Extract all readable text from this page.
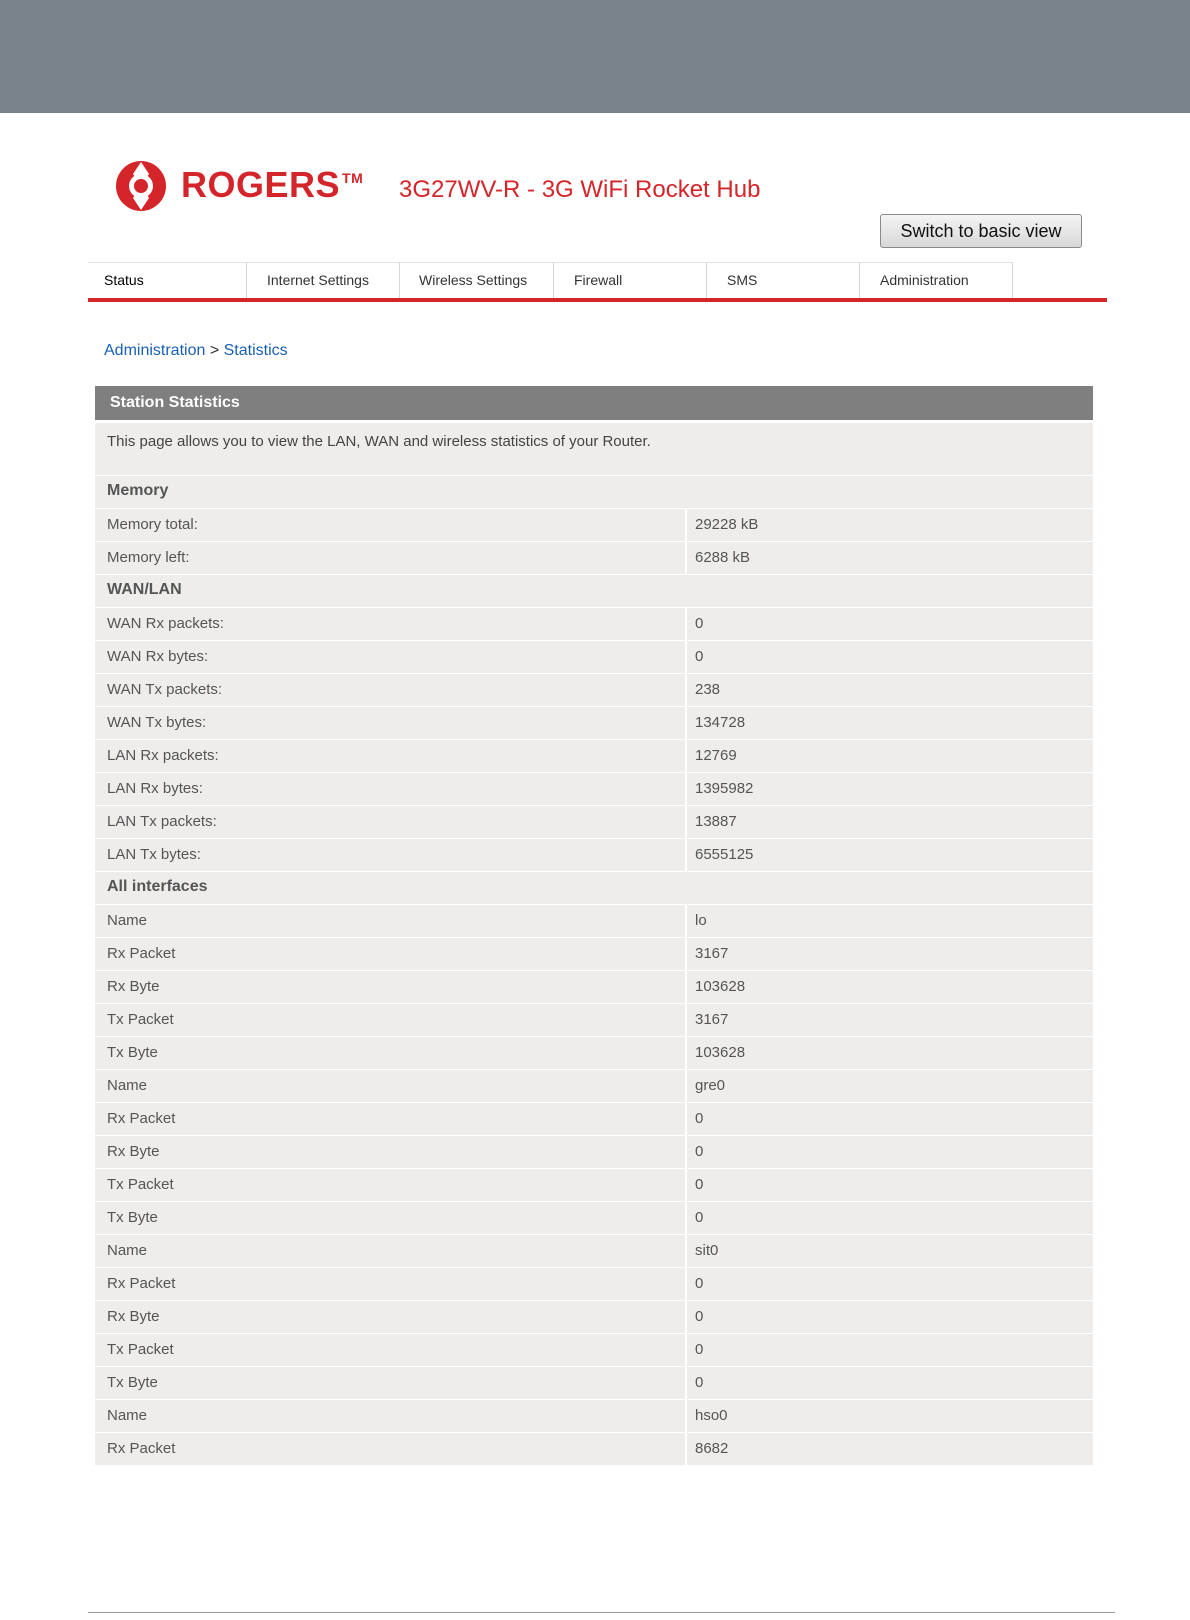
ROGERS ™ 3G27WV-R - 3G WiFi Rocket Hub
Switch to basic view
Status	Internet Settings	Wireless Settings	Firewall	SMS	Administration
Administration > Statistics
Station Statistics
This page allows you to view the LAN, WAN and wireless statistics of your Router.
Memory
Memory total:	29228 kB
Memory left:	6288 kB
WAN/LAN
WAN Rx packets:	0
WAN Rx bytes:	0
WAN Tx packets:	238
WAN Tx bytes:	134728
LAN Rx packets:	12769
LAN Rx bytes:	1395982
LAN Tx packets:	13887
LAN Tx bytes:	6555125
All interfaces
Name	lo
Rx Packet	3167
Rx Byte	103628
Tx Packet	3167
Tx Byte	103628
Name	gre0
Rx Packet	0
Rx Byte	0
Tx Packet	0
Tx Byte	0
Name	sit0
Rx Packet	0
Rx Byte	0
Tx Packet	0
Tx Byte	0
Name	hso0
Rx Packet	8682
